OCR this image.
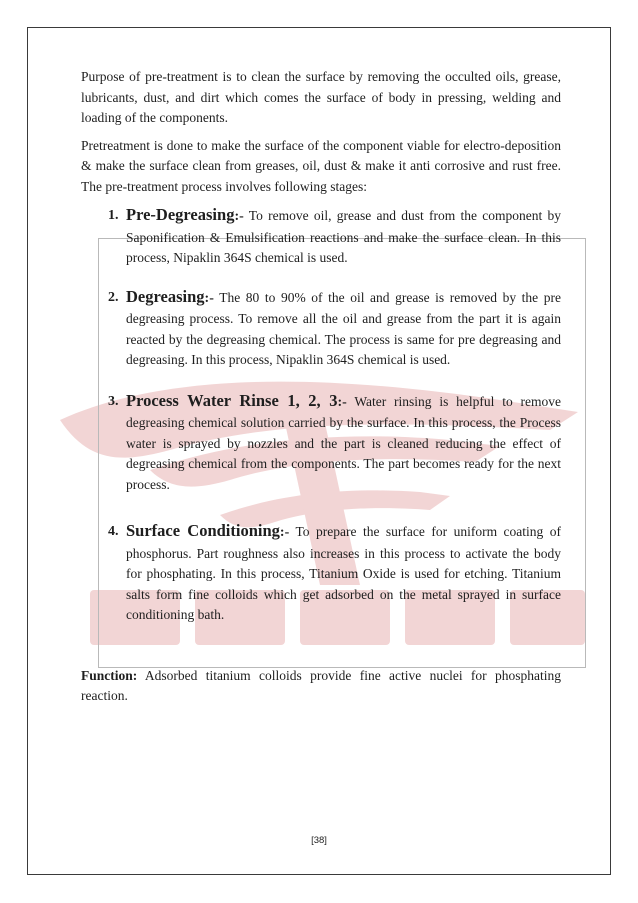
Purpose of pre-treatment is to clean the surface by removing the occulted oils, grease, lubricants, dust, and dirt which comes the surface of body in pressing, welding and loading of the components.

Pretreatment is done to make the surface of the component viable for electro-deposition & make the surface clean from greases, oil, dust & make it anti corrosive and rust free. The pre-treatment process involves following stages:

1. Pre-Degreasing:- To remove oil, grease and dust from the component by Saponification & Emulsification reactions and make the surface clean. In this process, Nipaklin 364S chemical is used.
2. Degreasing:- The 80 to 90% of the oil and grease is removed by the pre degreasing process. To remove all the oil and grease from the part it is again reacted by the degreasing chemical. The process is same for pre degreasing and degreasing. In this process, Nipaklin 364S chemical is used.
3. Process Water Rinse 1, 2, 3:- Water rinsing is helpful to remove degreasing chemical solution carried by the surface. In this process, the Process water is sprayed by nozzles and the part is cleaned reducing the effect of degreasing chemical from the components. The part becomes ready for the next process.
4. Surface Conditioning:- To prepare the surface for uniform coating of phosphorus. Part roughness also increases in this process to activate the body for phosphating. In this process, Titanium Oxide is used for etching. Titanium salts form fine colloids which get adsorbed on the metal sprayed in surface conditioning bath.

Function: Adsorbed titanium colloids provide fine active nuclei for phosphating reaction.

[38]
